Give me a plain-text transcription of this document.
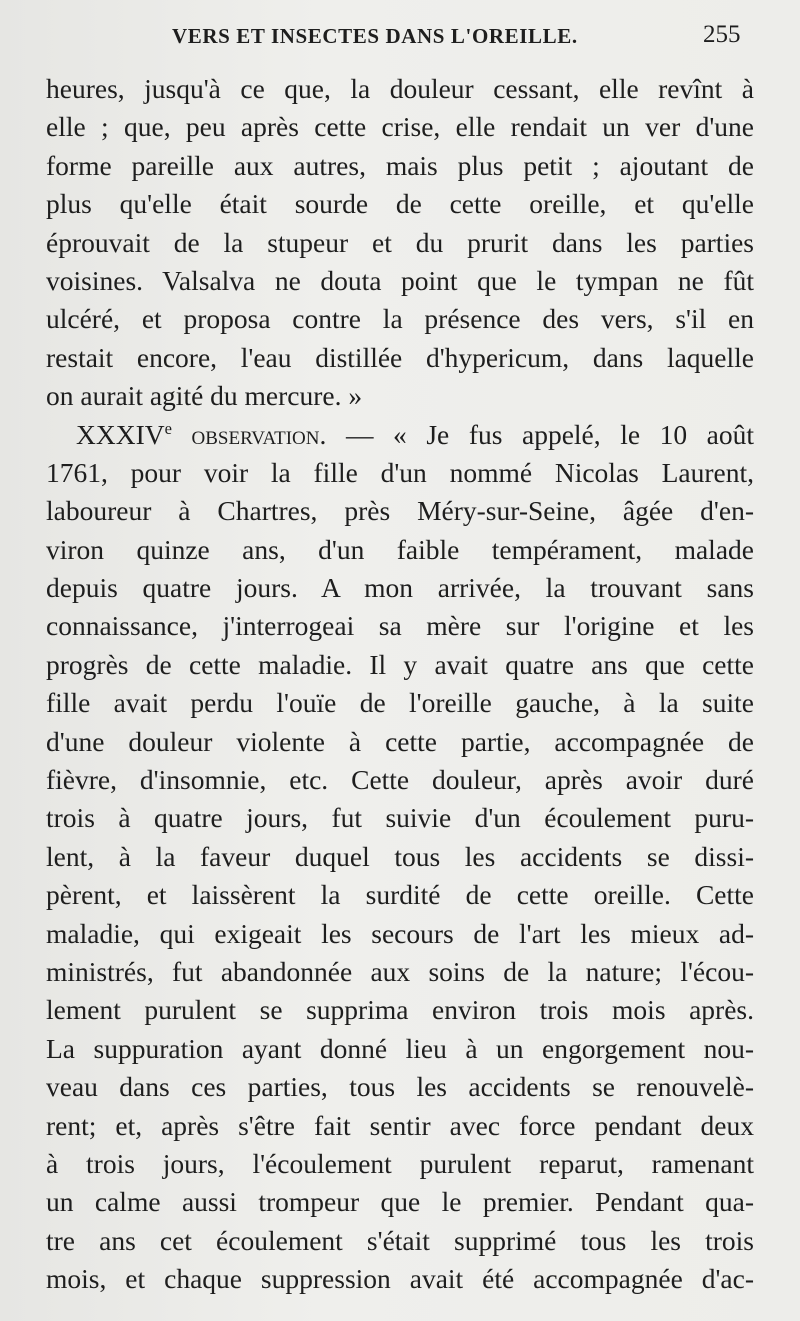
VERS ET INSECTES DANS L'OREILLE.	255
heures, jusqu'à ce que, la douleur cessant, elle revînt à
elle ; que, peu après cette crise, elle rendait un ver d'une
forme pareille aux autres, mais plus petit ; ajoutant de
plus qu'elle était sourde de cette oreille, et qu'elle
éprouvait de la stupeur et du prurit dans les parties
voisines. Valsalva ne douta point que le tympan ne fût
ulcéré, et proposa contre la présence des vers, s'il en
restait encore, l'eau distillée d'hypericum, dans laquelle
on aurait agité du mercure. »
XXXIVe observation. — « Je fus appelé, le 10 août
1761, pour voir la fille d'un nommé Nicolas Laurent,
laboureur à Chartres, près Méry-sur-Seine, âgée d'en-
viron quinze ans, d'un faible tempérament, malade
depuis quatre jours. A mon arrivée, la trouvant sans
connaissance, j'interrogeai sa mère sur l'origine et les
progrès de cette maladie. Il y avait quatre ans que cette
fille avait perdu l'ouïe de l'oreille gauche, à la suite
d'une douleur violente à cette partie, accompagnée de
fièvre, d'insomnie, etc. Cette douleur, après avoir duré
trois à quatre jours, fut suivie d'un écoulement puru-
lent, à la faveur duquel tous les accidents se dissi-
pèrent, et laissèrent la surdité de cette oreille. Cette
maladie, qui exigeait les secours de l'art les mieux ad-
ministrés, fut abandonnée aux soins de la nature; l'écou-
lement purulent se supprima environ trois mois après.
La suppuration ayant donné lieu à un engorgement nou-
veau dans ces parties, tous les accidents se renouvelè-
rent; et, après s'être fait sentir avec force pendant deux
à trois jours, l'écoulement purulent reparut, ramenant
un calme aussi trompeur que le premier. Pendant qua-
tre ans cet écoulement s'était supprimé tous les trois
mois, et chaque suppression avait été accompagnée d'ac-
